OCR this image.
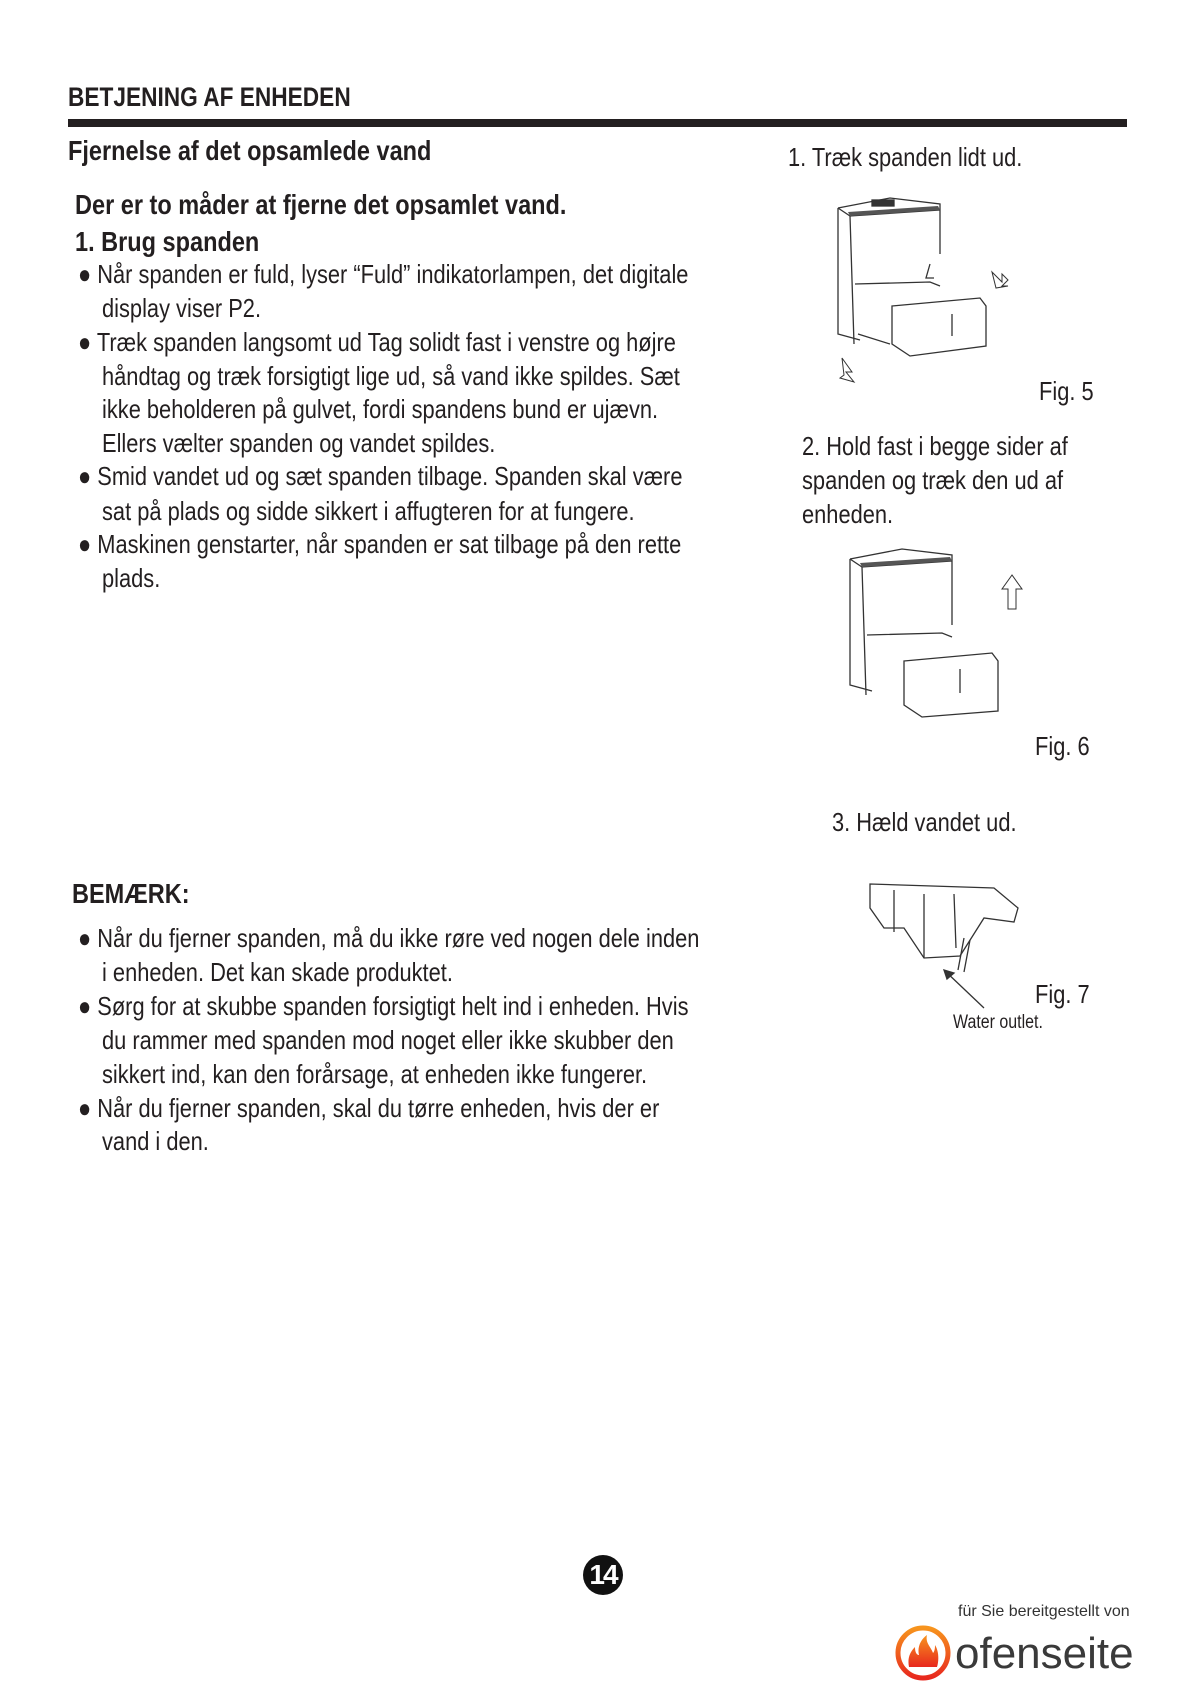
BETJENING AF ENHEDEN
Fjernelse af det opsamlede vand
Der er to måder at fjerne det opsamlet vand.
1. Brug spanden
● Når spanden er fuld, lyser “Fuld” indikatorlampen, det digitale
display viser P2.
● Træk spanden langsomt ud Tag solidt fast i venstre og højre
håndtag og træk forsigtigt lige ud, så vand ikke spildes. Sæt
ikke beholderen på gulvet, fordi spandens bund er ujævn.
Ellers vælter spanden og vandet spildes.
● Smid vandet ud og sæt spanden tilbage. Spanden skal være
sat på plads og sidde sikkert i affugteren for at fungere.
● Maskinen genstarter, når spanden er sat tilbage på den rette
plads.
BEMÆRK:
● Når du fjerner spanden, må du ikke røre ved nogen dele inden
i enheden. Det kan skade produktet.
● Sørg for at skubbe spanden forsigtigt helt ind i enheden. Hvis
du rammer med spanden mod noget eller ikke skubber den
sikkert ind, kan den forårsage, at enheden ikke fungerer.
● Når du fjerner spanden, skal du tørre enheden, hvis der er
vand i den.
1. Træk spanden lidt ud.
Fig. 5
2. Hold fast i begge sider af
spanden og træk den ud af
enheden.
Fig. 6
3. Hæld vandet ud.
Fig. 7
Water outlet.
14
für Sie bereitgestellt von
ofenseite
